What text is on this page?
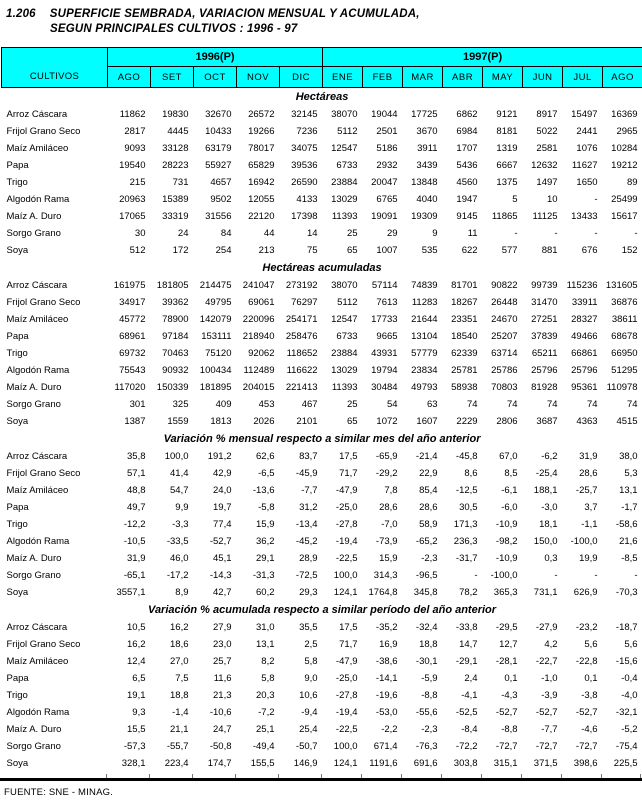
1.206 SUPERFICIE SEMBRADA, VARIACION MENSUAL Y ACUMULADA,
SEGUN PRINCIPALES CULTIVOS : 1996 - 97
CULTIVOS	1996(P)					1997(P)							
	AGO	SET	OCT	NOV	DIC	ENE	FEB	MAR	ABR	MAY	JUN	JUL	AGO
Hectáreas													
Arroz Cáscara	11862	19830	32670	26572	32145	38070	19044	17725	6862	9121	8917	15497	16369
Frijol Grano Seco	2817	4445	10433	19266	7236	5112	2501	3670	6984	8181	5022	2441	2965
Maíz Amiláceo	9093	33128	63179	78017	34075	12547	5186	3911	1707	1319	2581	1076	10284
Papa	19540	28223	55927	65829	39536	6733	2932	3439	5436	6667	12632	11627	19212
Trigo	215	731	4657	16942	26590	23884	20047	13848	4560	1375	1497	1650	89
Algodón Rama	20963	15389	9502	12055	4133	13029	6765	4040	1947	5	10	-	25499
Maíz A. Duro	17065	33319	31556	22120	17398	11393	19091	19309	9145	11865	11125	13433	15617
Sorgo Grano	30	24	84	44	14	25	29	9	11	-	-	-	-
Soya	512	172	254	213	75	65	1007	535	622	577	881	676	152
Hectáreas acumuladas													
Arroz Cáscara	161975	181805	214475	241047	273192	38070	57114	74839	81701	90822	99739	115236	131605
Frijol Grano Seco	34917	39362	49795	69061	76297	5112	7613	11283	18267	26448	31470	33911	36876
Maíz Amiláceo	45772	78900	142079	220096	254171	12547	17733	21644	23351	24670	27251	28327	38611
Papa	68961	97184	153111	218940	258476	6733	9665	13104	18540	25207	37839	49466	68678
Trigo	69732	70463	75120	92062	118652	23884	43931	57779	62339	63714	65211	66861	66950
Algodón Rama	75543	90932	100434	112489	116622	13029	19794	23834	25781	25786	25796	25796	51295
Maíz A. Duro	117020	150339	181895	204015	221413	11393	30484	49793	58938	70803	81928	95361	110978
Sorgo Grano	301	325	409	453	467	25	54	63	74	74	74	74	74
Soya	1387	1559	1813	2026	2101	65	1072	1607	2229	2806	3687	4363	4515
Variación % mensual respecto a similar mes del año anterior													
Arroz Cáscara	35,8	100,0	191,2	62,6	83,7	17,5	-65,9	-21,4	-45,8	67,0	-6,2	31,9	38,0
Frijol Grano Seco	57,1	41,4	42,9	-6,5	-45,9	71,7	-29,2	22,9	8,6	8,5	-25,4	28,6	5,3
Maíz Amiláceo	48,8	54,7	24,0	-13,6	-7,7	-47,9	7,8	85,4	-12,5	-6,1	188,1	-25,7	13,1
Papa	49,7	9,9	19,7	-5,8	31,2	-25,0	28,6	28,6	30,5	-6,0	-3,0	3,7	-1,7
Trigo	-12,2	-3,3	77,4	15,9	-13,4	-27,8	-7,0	58,9	171,3	-10,9	18,1	-1,1	-58,6
Algodón Rama	-10,5	-33,5	-52,7	36,2	-45,2	-19,4	-73,9	-65,2	236,3	-98,2	150,0	-100,0	21,6
Maíz A. Duro	31,9	46,0	45,1	29,1	28,9	-22,5	15,9	-2,3	-31,7	-10,9	0,3	19,9	-8,5
Sorgo Grano	-65,1	-17,2	-14,3	-31,3	-72,5	100,0	314,3	-96,5	-	-100,0	-	-	-
Soya	3557,1	8,9	42,7	60,2	29,3	124,1	1764,8	345,8	78,2	365,3	731,1	626,9	-70,3
Variación % acumulada respecto a similar período del año anterior													
Arroz Cáscara	10,5	16,2	27,9	31,0	35,5	17,5	-35,2	-32,4	-33,8	-29,5	-27,9	-23,2	-18,7
Frijol Grano Seco	16,2	18,6	23,0	13,1	2,5	71,7	16,9	18,8	14,7	12,7	4,2	5,6	5,6
Maíz Amiláceo	12,4	27,0	25,7	8,2	5,8	-47,9	-38,6	-30,1	-29,1	-28,1	-22,7	-22,8	-15,6
Papa	6,5	7,5	11,6	5,8	9,0	-25,0	-14,1	-5,9	2,4	0,1	-1,0	0,1	-0,4
Trigo	19,1	18,8	21,3	20,3	10,6	-27,8	-19,6	-8,8	-4,1	-4,3	-3,9	-3,8	-4,0
Algodón Rama	9,3	-1,4	-10,6	-7,2	-9,4	-19,4	-53,0	-55,6	-52,5	-52,7	-52,7	-52,7	-32,1
Maíz A. Duro	15,5	21,1	24,7	25,1	25,4	-22,5	-2,2	-2,3	-8,4	-8,8	-7,7	-4,6	-5,2
Sorgo Grano	-57,3	-55,7	-50,8	-49,4	-50,7	100,0	671,4	-76,3	-72,2	-72,7	-72,7	-72,7	-75,4
Soya	328,1	223,4	174,7	155,5	146,9	124,1	1191,6	691,6	303,8	315,1	371,5	398,6	225,5
FUENTE: SNE - MINAG.
